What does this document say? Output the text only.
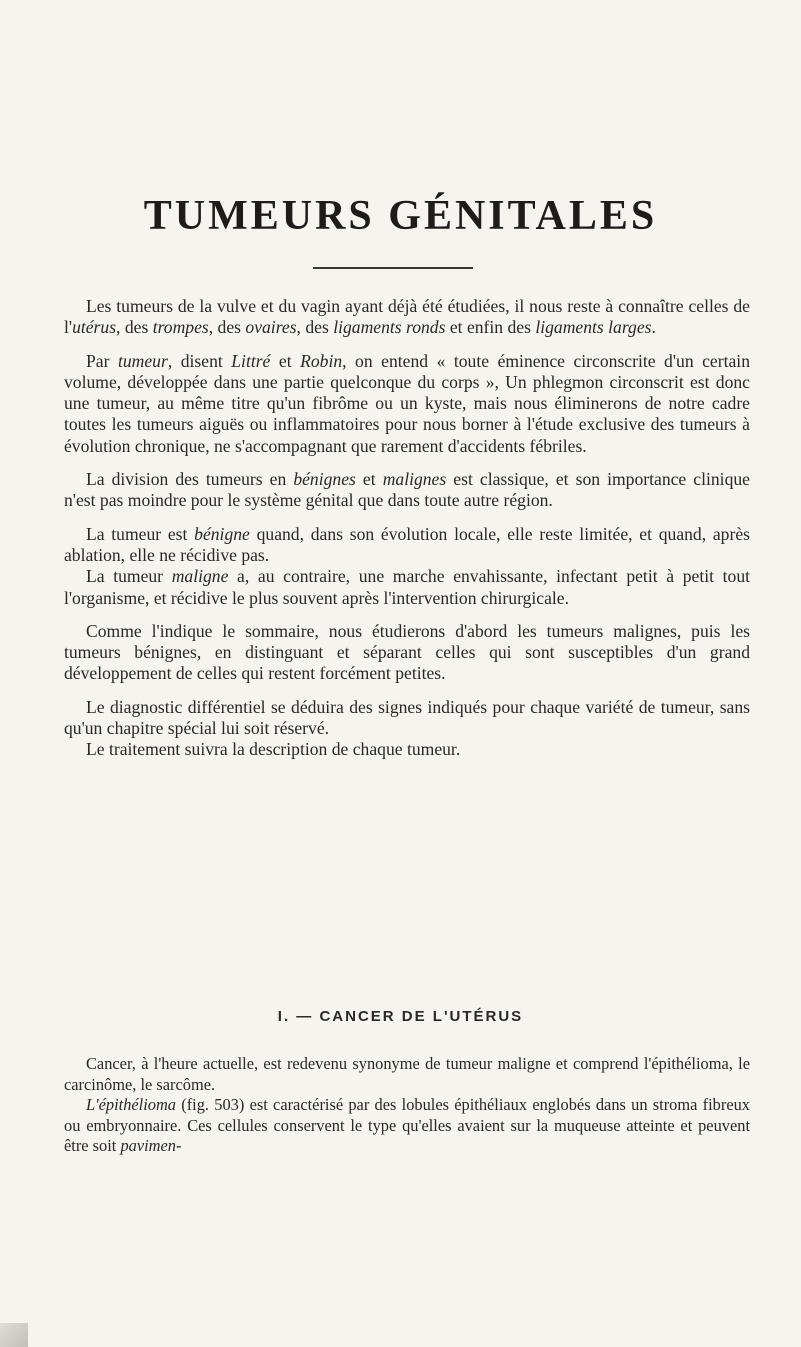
TUMEURS GÉNITALES

Les tumeurs de la vulve et du vagin ayant déjà été étudiées, il nous reste à connaître celles de l'utérus, des trompes, des ovaires, des ligaments ronds et enfin des ligaments larges.

Par tumeur, disent Littré et Robin, on entend « toute éminence circonscrite d'un certain volume, développée dans une partie quelconque du corps », Un phlegmon circonscrit est donc une tumeur, au même titre qu'un fibrôme ou un kyste, mais nous éliminerons de notre cadre toutes les tumeurs aiguës ou inflammatoires pour nous borner à l'étude exclusive des tumeurs à évolution chronique, ne s'accompagnant que rarement d'accidents fébriles.

La division des tumeurs en bénignes et malignes est classique, et son importance clinique n'est pas moindre pour le système génital que dans toute autre région.

La tumeur est bénigne quand, dans son évolution locale, elle reste limitée, et quand, après ablation, elle ne récidive pas.

La tumeur maligne a, au contraire, une marche envahissante, infectant petit à petit tout l'organisme, et récidive le plus souvent après l'intervention chirurgicale.

Comme l'indique le sommaire, nous étudierons d'abord les tumeurs malignes, puis les tumeurs bénignes, en distinguant et séparant celles qui sont susceptibles d'un grand développement de celles qui restent forcément petites.

Le diagnostic différentiel se déduira des signes indiqués pour chaque variété de tumeur, sans qu'un chapitre spécial lui soit réservé.

Le traitement suivra la description de chaque tumeur.

I. — CANCER DE L'UTÉRUS

Cancer, à l'heure actuelle, est redevenu synonyme de tumeur maligne et comprend l'épithélioma, le carcinôme, le sarcôme.

L'épithélioma (fig. 503) est caractérisé par des lobules épithéliaux englobés dans un stroma fibreux ou embryonnaire. Ces cellules conservent le type qu'elles avaient sur la muqueuse atteinte et peuvent être soit pavimen-
